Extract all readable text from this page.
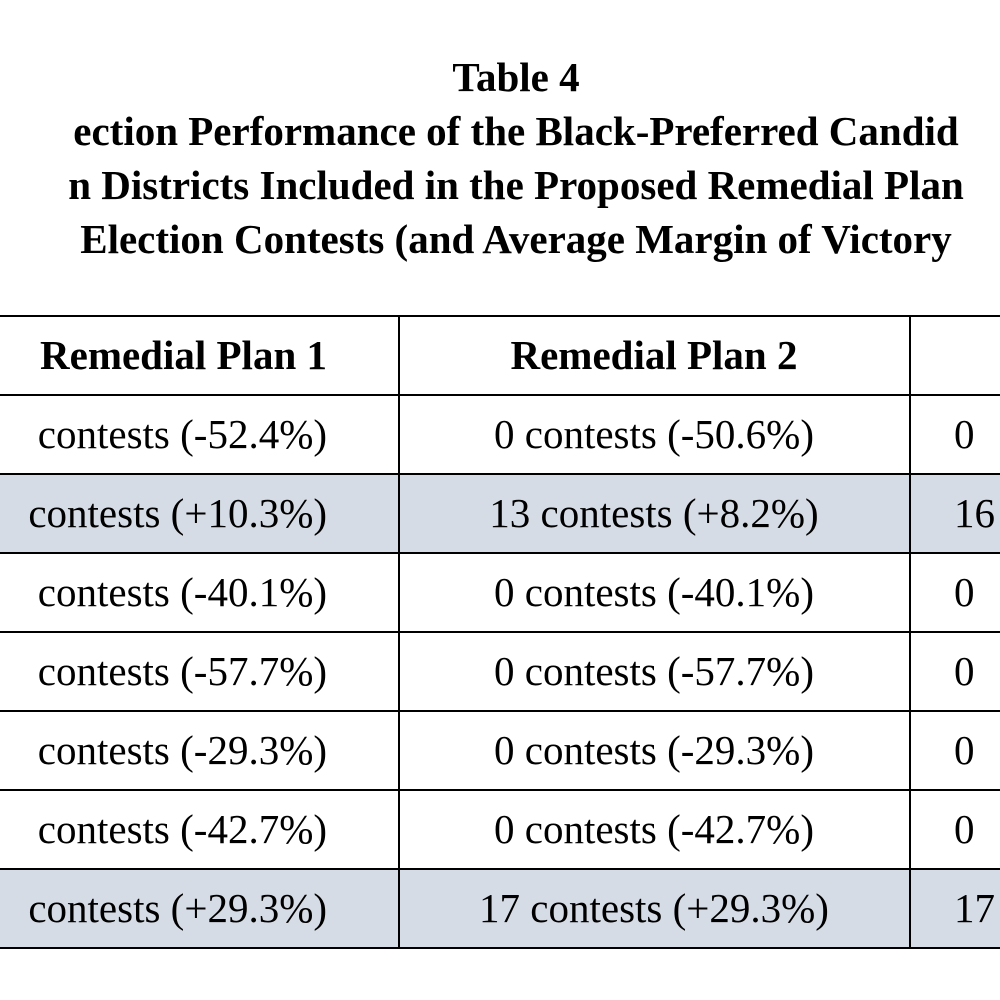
Table 4
ection Performance of the Black-Preferred Candid
n Districts Included in the Proposed Remedial Plan
Election Contests (and Average Margin of Victory
Remedial Plan 1	Remedial Plan 2
contests (-52.4%)	0 contests (-50.6%)	0
contests (+10.3%)	13 contests (+8.2%)	16
contests (-40.1%)	0 contests (-40.1%)	0
contests (-57.7%)	0 contests (-57.7%)	0
contests (-29.3%)	0 contests (-29.3%)	0
contests (-42.7%)	0 contests (-42.7%)	0
contests (+29.3%)	17 contests (+29.3%)	17
